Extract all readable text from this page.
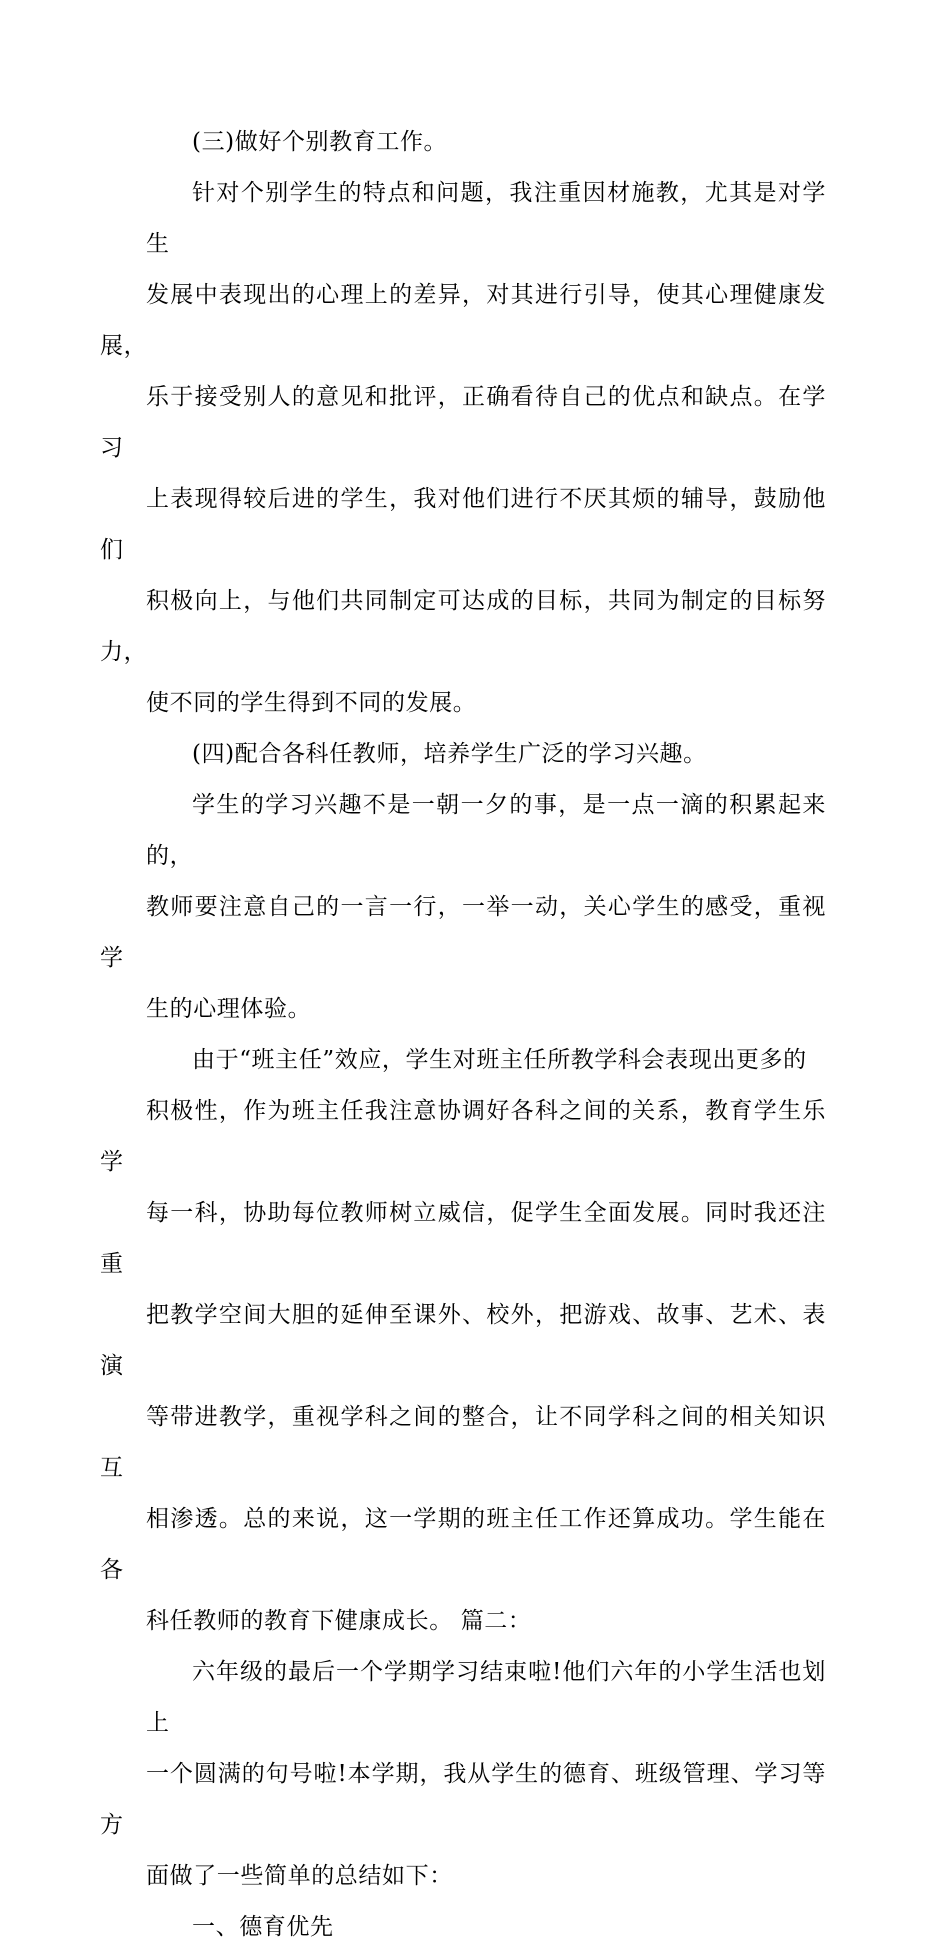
(三)做好个别教育工作。

针对个别学生的特点和问题，我注重因材施教，尤其是对学生
发展中表现出的心理上的差异，对其进行引导，使其心理健康发展，
乐于接受别人的意见和批评，正确看待自己的优点和缺点。在学习
上表现得较后进的学生，我对他们进行不厌其烦的辅导，鼓励他们
积极向上，与他们共同制定可达成的目标，共同为制定的目标努力，
使不同的学生得到不同的发展。

(四)配合各科任教师，培养学生广泛的学习兴趣。

学生的学习兴趣不是一朝一夕的事，是一点一滴的积累起来的，
教师要注意自己的一言一行，一举一动，关心学生的感受，重视学
生的心理体验。

由于“班主任”效应，学生对班主任所教学科会表现出更多的
积极性，作为班主任我注意协调好各科之间的关系，教育学生乐学
每一科，协助每位教师树立威信，促学生全面发展。同时我还注重
把教学空间大胆的延伸至课外、校外，把游戏、故事、艺术、表演
等带进教学，重视学科之间的整合，让不同学科之间的相关知识互
相渗透。总的来说，这一学期的班主任工作还算成功。学生能在各
科任教师的教育下健康成长。 篇二：

六年级的最后一个学期学习结束啦!他们六年的小学生活也划上
一个圆满的句号啦!本学期，我从学生的德育、班级管理、学习等方
面做了一些简单的总结如下：

一、德育优先
